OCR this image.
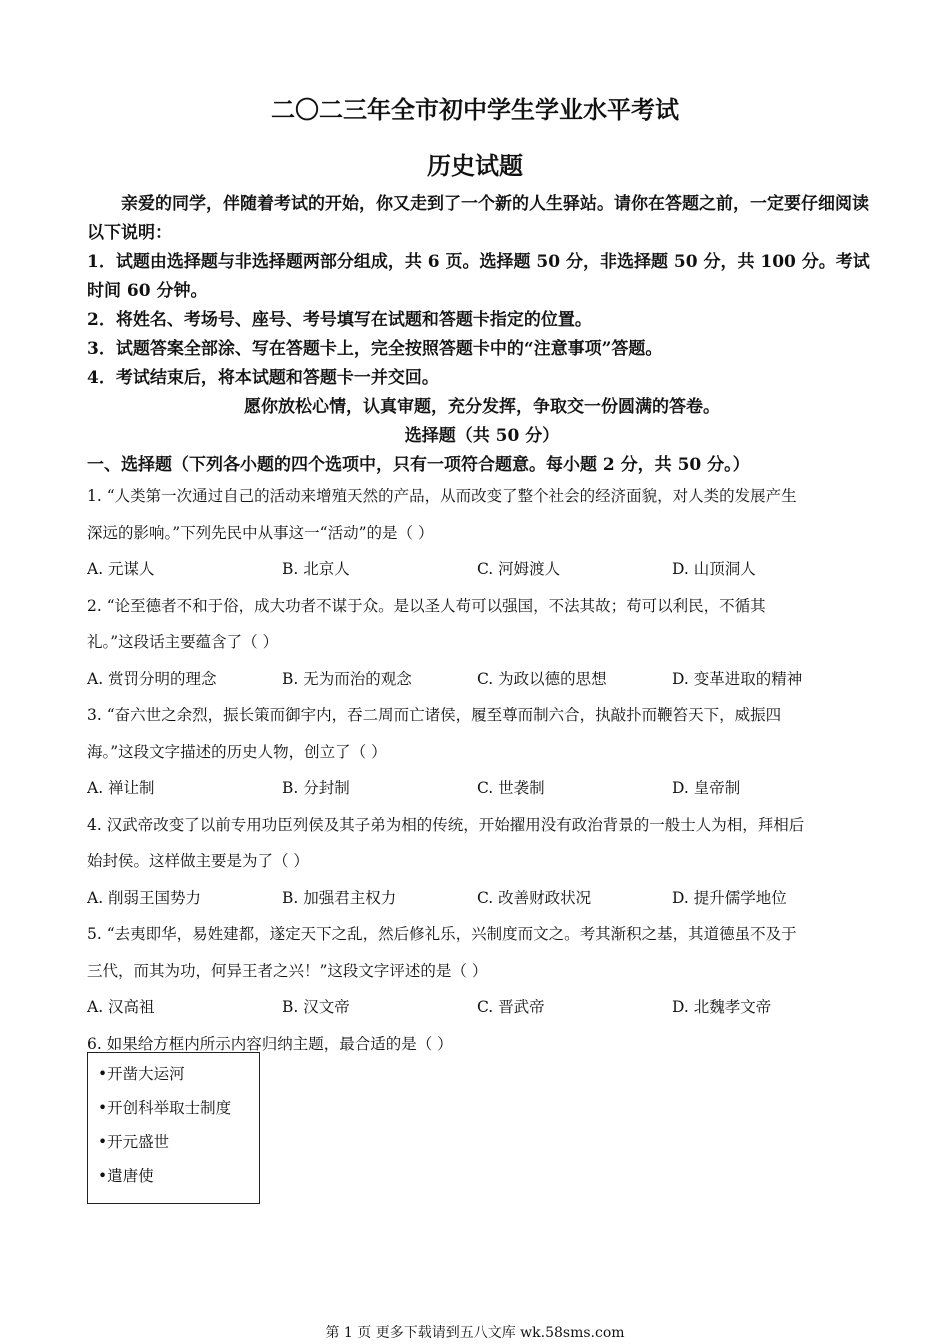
二〇二三年全市初中学生学业水平考试
历史试题

亲爱的同学，伴随着考试的开始，你又走到了一个新的人生驿站。请你在答题之前，一定要仔细阅读以下说明：

1．试题由选择题与非选择题两部分组成，共 6 页。选择题 50 分，非选择题 50 分，共 100 分。考试时间 60 分钟。

2．将姓名、考场号、座号、考号填写在试题和答题卡指定的位置。

3．试题答案全部涂、写在答题卡上，完全按照答题卡中的“注意事项”答题。

4．考试结束后，将本试题和答题卡一并交回。

愿你放松心情，认真审题，充分发挥，争取交一份圆满的答卷。

选择题（共 50 分）
一、选择题（下列各小题的四个选项中，只有一项符合题意。每小题 2 分，共 50 分。）

1. “人类第一次通过自己的活动来增殖天然的产品，从而改变了整个社会的经济面貌，对人类的发展产生

深远的影响。”下列先民中从事这一“活动”的是（ ）

A. 元谋人	B. 北京人	C. 河姆渡人	D. 山顶洞人

2. “论至德者不和于俗，成大功者不谋于众。是以圣人苟可以强国，不法其故；苟可以利民，不循其

礼。”这段话主要蕴含了（ ）

A. 赏罚分明的理念	B. 无为而治的观念	C. 为政以德的思想	D. 变革进取的精神

3. “奋六世之余烈，振长策而御宇内，吞二周而亡诸侯，履至尊而制六合，执敲扑而鞭笞天下，威振四

海。”这段文字描述的历史人物，创立了（ ）

A. 禅让制	B. 分封制	C. 世袭制	D. 皇帝制

4. 汉武帝改变了以前专用功臣列侯及其子弟为相的传统，开始擢用没有政治背景的一般士人为相，拜相后

始封侯。这样做主要是为了（ ）

A. 削弱王国势力	B. 加强君主权力	C. 改善财政状况	D. 提升儒学地位

5. “去夷即华，易姓建都，遂定天下之乱，然后修礼乐，兴制度而文之。考其渐积之基，其道德虽不及于

三代，而其为功，何异王者之兴！”这段文字评述的是（ ）

A. 汉高祖	B. 汉文帝	C. 晋武帝	D. 北魏孝文帝

6. 如果给方框内所示内容归纳主题，最合适的是（ ）

•开凿大运河
•开创科举取士制度
•开元盛世
•遣唐使
第 1 页 更多下载请到五八文库 wk.58sms.com
